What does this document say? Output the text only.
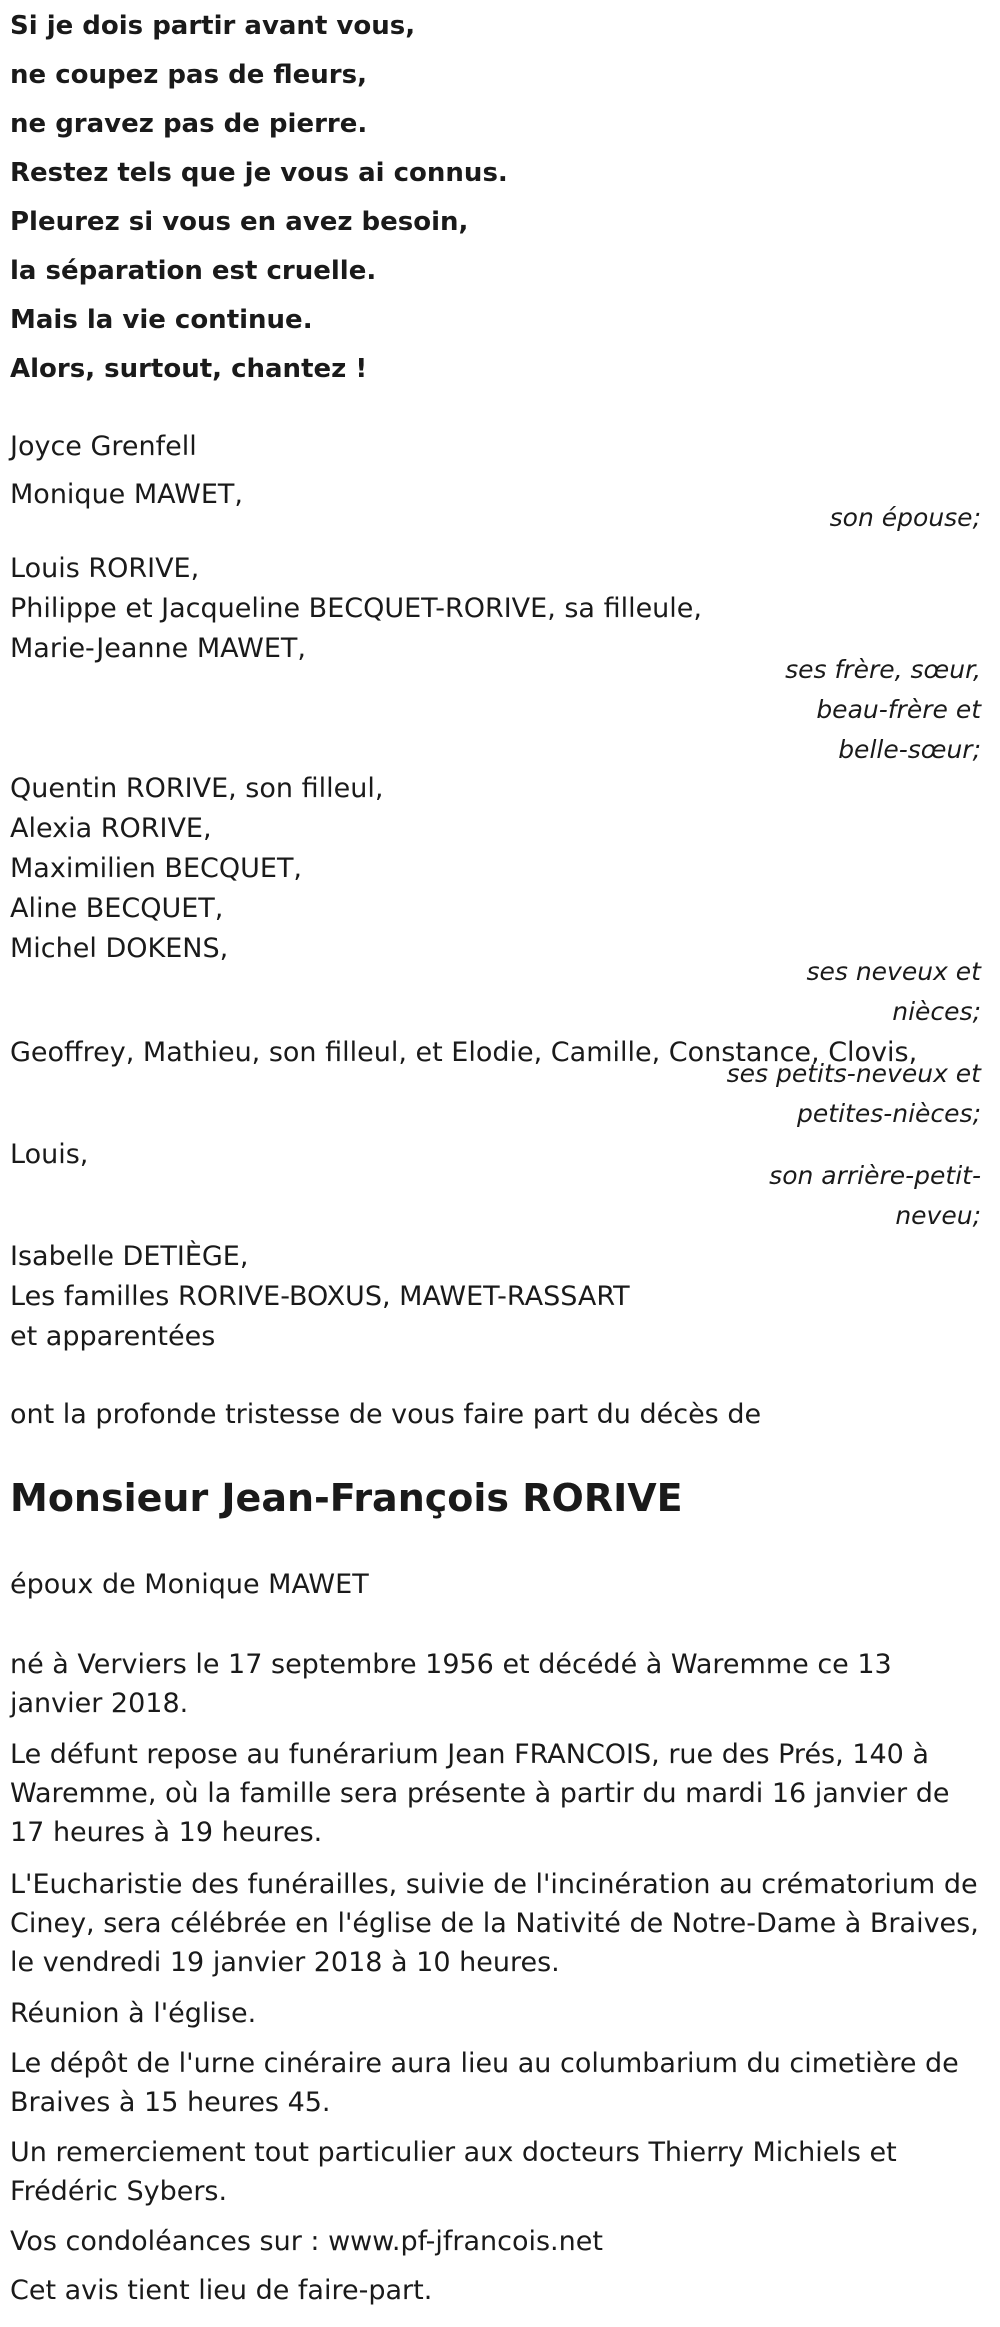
Si je dois partir avant vous,
ne coupez pas de fleurs,
ne gravez pas de pierre.
Restez tels que je vous ai connus.
Pleurez si vous en avez besoin,
la séparation est cruelle.
Mais la vie continue.
Alors, surtout, chantez !
Joyce Grenfell
Monique MAWET,
son épouse;
Louis RORIVE,
Philippe et Jacqueline BECQUET-RORIVE, sa filleule,
Marie-Jeanne MAWET,
ses frère, sœur,
beau-frère et
belle-sœur;
Quentin RORIVE, son filleul,
Alexia RORIVE,
Maximilien BECQUET,
Aline BECQUET,
Michel DOKENS,
ses neveux et
nièces;
Geoffrey, Mathieu, son filleul, et Elodie, Camille, Constance, Clovis,
ses petits-neveux et
petites-nièces;
Louis,
son arrière-petit-
neveu;
Isabelle DETIÈGE,
Les familles RORIVE-BOXUS, MAWET-RASSART
et apparentées
ont la profonde tristesse de vous faire part du décès de
Monsieur Jean-François RORIVE
époux de Monique MAWET
né à Verviers le 17 septembre 1956 et décédé à Waremme ce 13 janvier 2018.
Le défunt repose au funérarium Jean FRANCOIS, rue des Prés, 140 à Waremme, où la famille sera présente à partir du mardi 16 janvier de 17 heures à 19 heures.
L'Eucharistie des funérailles, suivie de l'incinération au crématorium de Ciney, sera célébrée en l'église de la Nativité de Notre-Dame à Braives, le vendredi 19 janvier 2018 à 10 heures.
Réunion à l'église.
Le dépôt de l'urne cinéraire aura lieu au columbarium du cimetière de Braives à 15 heures 45.
Un remerciement tout particulier aux docteurs Thierry Michiels et Frédéric Sybers.
Vos condoléances sur : www.pf-jfrancois.net
Cet avis tient lieu de faire-part.
